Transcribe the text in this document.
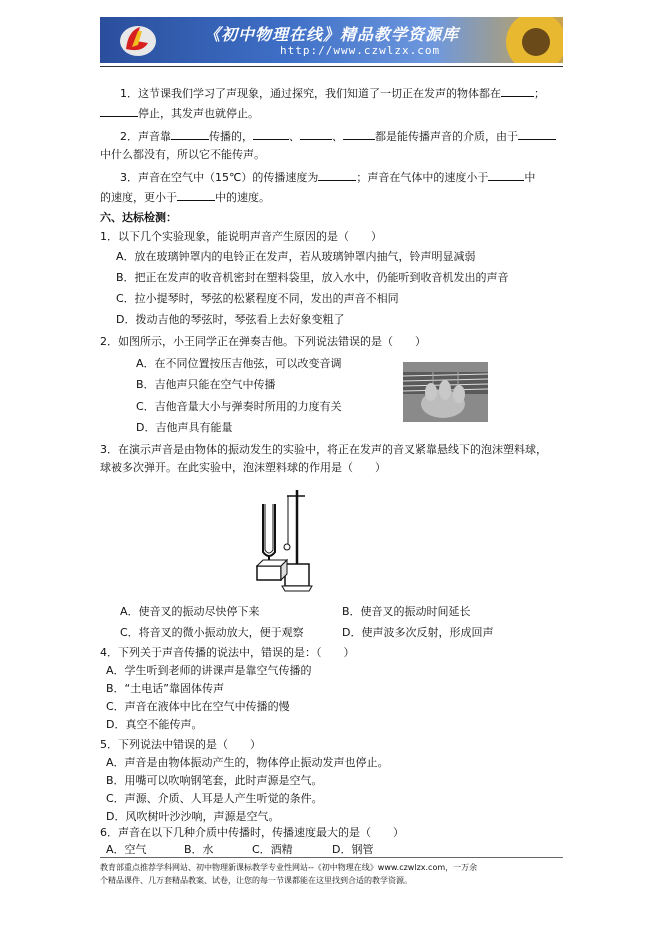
《初中物理在线》精品教学资源库
http://www.czwlzx.com
1．这节课我们学习了声现象，通过探究，我们知道了一切正在发声的物体都在	；
停止，其发声也就停止。
2．声音靠	传播的，	、	、	都是能传播声音的介质，由于
中什么都没有，所以它不能传声。
3．声音在空气中（15℃）的传播速度为	；声音在气体中的速度小于	中
的速度，更小于	中的速度。
六、达标检测：
1．以下几个实验现象，能说明声音产生原因的是（　　）
A．放在玻璃钟罩内的电铃正在发声，若从玻璃钟罩内抽气，铃声明显减弱
B．把正在发声的收音机密封在塑料袋里，放入水中，仍能听到收音机发出的声音
C．拉小提琴时，琴弦的松紧程度不同，发出的声音不相同
D．拨动吉他的琴弦时，琴弦看上去好象变粗了
2．如图所示，小王同学正在弹奏吉他。下列说法错误的是（　　）
A．在不同位置按压吉他弦，可以改变音调
B．吉他声只能在空气中传播
C．吉他音量大小与弹奏时所用的力度有关
D．吉他声具有能量
3．在演示声音是由物体的振动发生的实验中，将正在发声的音叉紧靠悬线下的泡沫塑料球，
球被多次弹开。在此实验中，泡沫塑料球的作用是（　　）
A．使音叉的振动尽快停下来	B．使音叉的振动时间延长
C．将音叉的微小振动放大，便于观察	D．使声波多次反射，形成回声
4．下列关于声音传播的说法中，错误的是：（　　）
A．学生听到老师的讲课声是靠空气传播的
B．“土电话”靠固体传声
C．声音在液体中比在空气中传播的慢
D．真空不能传声。
5．下列说法中错误的是（　　）
A．声音是由物体振动产生的，物体停止振动发声也停止。
B．用嘴可以吹响钢笔套，此时声源是空气。
C．声源、介质、人耳是人产生听觉的条件。
D．风吹树叶沙沙响，声源是空气。
6．声音在以下几种介质中传播时，传播速度最大的是（　　）
A．空气	B．水	C．酒精	D．钢管
教育部重点推荐学科网站、初中物理新课标教学专业性网站--《初中物理在线》www.czwlzx.com，一万余
个精品课件、几万套精品教案、试卷，让您的每一节课都能在这里找到合适的教学资源。
